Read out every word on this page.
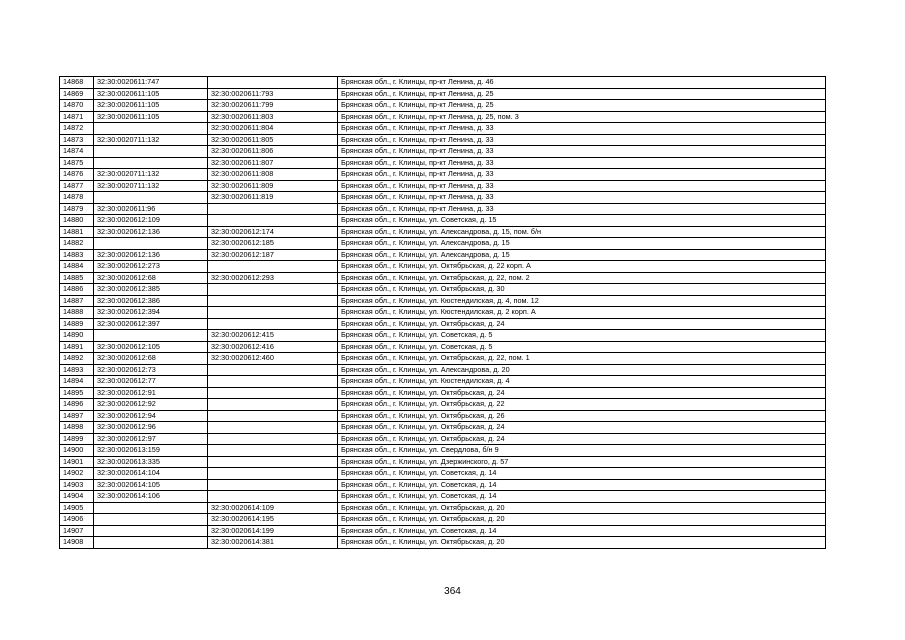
14868	32:30:0020611:747		Брянская обл., г. Клинцы, пр-кт Ленина, д. 46
14869	32:30:0020611:105	32:30:0020611:793	Брянская обл., г. Клинцы, пр-кт Ленина, д. 25
14870	32:30:0020611:105	32:30:0020611:799	Брянская обл., г. Клинцы, пр-кт Ленина, д. 25
14871	32:30:0020611:105	32:30:0020611:803	Брянская обл., г. Клинцы, пр-кт Ленина, д. 25, пом. 3
14872		32:30:0020611:804	Брянская обл., г. Клинцы, пр-кт Ленина, д. 33
14873	32:30:0020711:132	32:30:0020611:805	Брянская обл., г. Клинцы, пр-кт Ленина, д. 33
14874		32:30:0020611:806	Брянская обл., г. Клинцы, пр-кт Ленина, д. 33
14875		32:30:0020611:807	Брянская обл., г. Клинцы, пр-кт Ленина, д. 33
14876	32:30:0020711:132	32:30:0020611:808	Брянская обл., г. Клинцы, пр-кт Ленина, д. 33
14877	32:30:0020711:132	32:30:0020611:809	Брянская обл., г. Клинцы, пр-кт Ленина, д. 33
14878		32:30:0020611:819	Брянская обл., г. Клинцы, пр-кт Ленина, д. 33
14879	32:30:0020611:96		Брянская обл., г. Клинцы, пр-кт Ленина, д. 33
14880	32:30:0020612:109		Брянская обл., г. Клинцы, ул. Советская, д. 15
14881	32:30:0020612:136	32:30:0020612:174	Брянская обл., г. Клинцы, ул. Александрова, д. 15, пом. б/н
14882		32:30:0020612:185	Брянская обл., г. Клинцы, ул. Александрова, д. 15
14883	32:30:0020612:136	32:30:0020612:187	Брянская обл., г. Клинцы, ул. Александрова, д. 15
14884	32:30:0020612:273		Брянская обл., г. Клинцы, ул. Октябрьская, д. 22 корп. А
14885	32:30:0020612:68	32:30:0020612:293	Брянская обл., г. Клинцы, ул. Октябрьская, д. 22, пом. 2
14886	32:30:0020612:385		Брянская обл., г. Клинцы, ул. Октябрьская, д. 30
14887	32:30:0020612:386		Брянская обл., г. Клинцы, ул. Кюстендилская, д. 4, пом. 12
14888	32:30:0020612:394		Брянская обл., г. Клинцы, ул. Кюстендилская, д. 2 корп. А
14889	32:30:0020612:397		Брянская обл., г. Клинцы, ул. Октябрьская, д. 24
14890		32:30:0020612:415	Брянская обл., г. Клинцы, ул. Советская, д. 5
14891	32:30:0020612:105	32:30:0020612:416	Брянская обл., г. Клинцы, ул. Советская, д. 5
14892	32:30:0020612:68	32:30:0020612:460	Брянская обл., г. Клинцы, ул. Октябрьская, д. 22, пом. 1
14893	32:30:0020612:73		Брянская обл., г. Клинцы, ул. Александрова, д. 20
14894	32:30:0020612:77		Брянская обл., г. Клинцы, ул. Кюстендилская, д. 4
14895	32:30:0020612:91		Брянская обл., г. Клинцы, ул. Октябрьская, д. 24
14896	32:30:0020612:92		Брянская обл., г. Клинцы, ул. Октябрьская, д. 22
14897	32:30:0020612:94		Брянская обл., г. Клинцы, ул. Октябрьская, д. 26
14898	32:30:0020612:96		Брянская обл., г. Клинцы, ул. Октябрьская, д. 24
14899	32:30:0020612:97		Брянская обл., г. Клинцы, ул. Октябрьская, д. 24
14900	32:30:0020613:159		Брянская обл., г. Клинцы, ул. Свердлова, б/н 9
14901	32:30:0020613:335		Брянская обл., г. Клинцы, ул. Дзержинского, д. 57
14902	32:30:0020614:104		Брянская обл., г. Клинцы, ул. Советская, д. 14
14903	32:30:0020614:105		Брянская обл., г. Клинцы, ул. Советская, д. 14
14904	32:30:0020614:106		Брянская обл., г. Клинцы, ул. Советская, д. 14
14905		32:30:0020614:109	Брянская обл., г. Клинцы, ул. Октябрьская, д. 20
14906		32:30:0020614:195	Брянская обл., г. Клинцы, ул. Октябрьская, д. 20
14907		32:30:0020614:199	Брянская обл., г. Клинцы, ул. Советская, д. 14
14908		32:30:0020614:381	Брянская обл., г. Клинцы, ул. Октябрьская, д. 20
364
